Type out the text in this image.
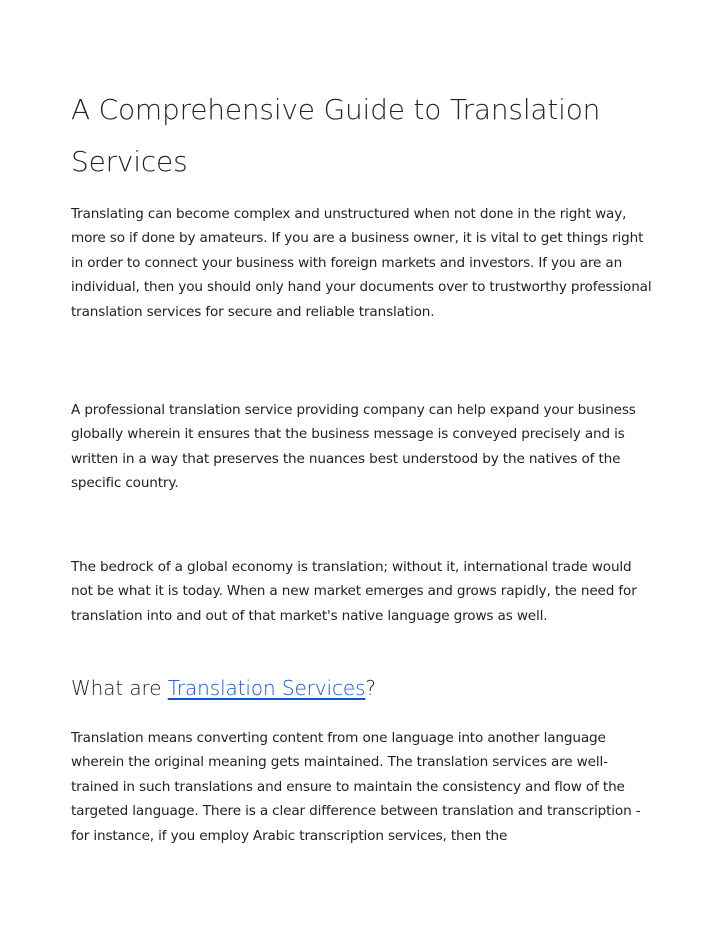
A Comprehensive Guide to Translation Services

Translating can become complex and unstructured when not done in the right way, more so if done by amateurs. If you are a business owner, it is vital to get things right in order to connect your business with foreign markets and investors. If you are an individual, then you should only hand your documents over to trustworthy professional translation services for secure and reliable translation.

A professional translation service providing company can help expand your business globally wherein it ensures that the business message is conveyed precisely and is written in a way that preserves the nuances best understood by the natives of the specific country.

The bedrock of a global economy is translation; without it, international trade would not be what it is today. When a new market emerges and grows rapidly, the need for translation into and out of that market's native language grows as well.

What are Translation Services?

Translation means converting content from one language into another language wherein the original meaning gets maintained. The translation services are well-trained in such translations and ensure to maintain the consistency and flow of the targeted language. There is a clear difference between translation and transcription - for instance, if you employ Arabic transcription services, then the
